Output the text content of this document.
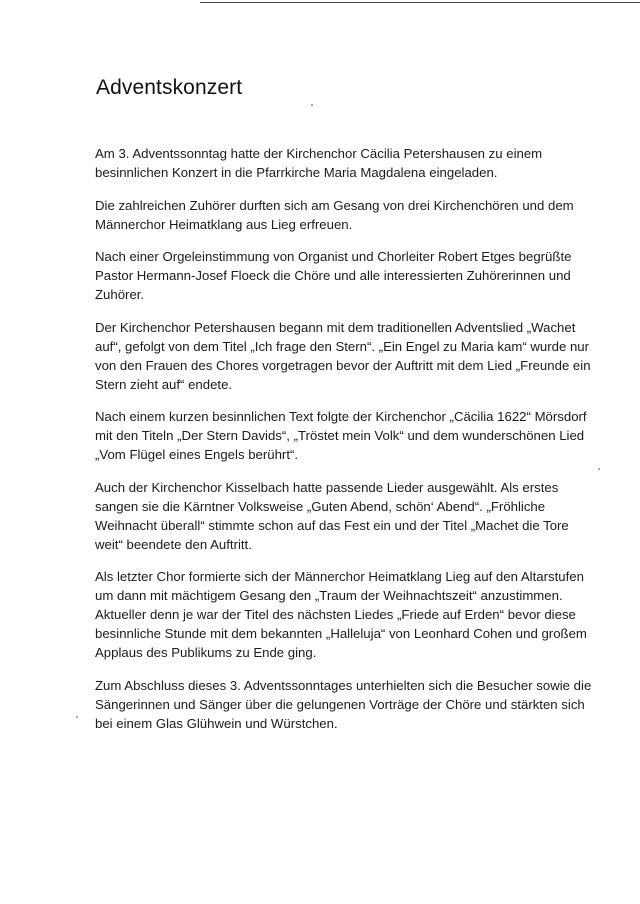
Adventskonzert

Am 3. Adventssonntag hatte der Kirchenchor Cäcilia Petershausen zu einem
besinnlichen Konzert in die Pfarrkirche Maria Magdalena eingeladen.

Die zahlreichen Zuhörer durften sich am Gesang von drei Kirchenchören und dem
Männerchor Heimatklang aus Lieg erfreuen.

Nach einer Orgeleinstimmung von Organist und Chorleiter Robert Etges begrüßte
Pastor Hermann-Josef Floeck die Chöre und alle interessierten Zuhörerinnen und
Zuhörer.

Der Kirchenchor Petershausen begann mit dem traditionellen Adventslied „Wachet
auf“, gefolgt von dem Titel „Ich frage den Stern“. „Ein Engel zu Maria kam“ wurde nur
von den Frauen des Chores vorgetragen bevor der Auftritt mit dem Lied „Freunde ein
Stern zieht auf“ endete.

Nach einem kurzen besinnlichen Text folgte der Kirchenchor „Cäcilia 1622“ Mörsdorf
mit den Titeln „Der Stern Davids“, „Tröstet mein Volk“ und dem wunderschönen Lied
„Vom Flügel eines Engels berührt“.

Auch der Kirchenchor Kisselbach hatte passende Lieder ausgewählt. Als erstes
sangen sie die Kärntner Volksweise „Guten Abend, schön‘ Abend“. „Fröhliche
Weihnacht überall“ stimmte schon auf das Fest ein und der Titel „Machet die Tore
weit“ beendete den Auftritt.

Als letzter Chor formierte sich der Männerchor Heimatklang Lieg auf den Altarstufen
um dann mit mächtigem Gesang den „Traum der Weihnachtszeit“ anzustimmen.
Aktueller denn je war der Titel des nächsten Liedes „Friede auf Erden“ bevor diese
besinnliche Stunde mit dem bekannten „Halleluja“ von Leonhard Cohen und großem
Applaus des Publikums zu Ende ging.

Zum Abschluss dieses 3. Adventssonntages unterhielten sich die Besucher sowie die
Sängerinnen und Sänger über die gelungenen Vorträge der Chöre und stärkten sich
bei einem Glas Glühwein und Würstchen.
